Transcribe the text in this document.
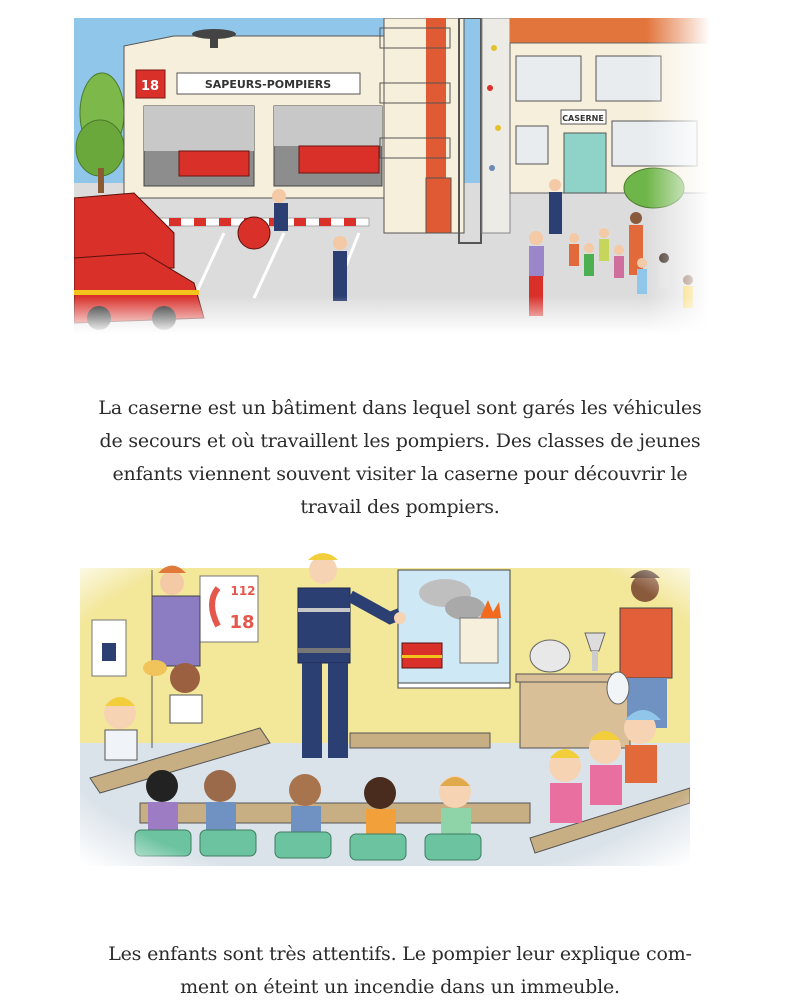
La caserne est un bâtiment dans lequel sont garés les véhicules
de secours et où travaillent les pompiers. Des classes de jeunes
enfants viennent souvent visiter la caserne pour découvrir le
travail des pompiers.
Les enfants sont très attentifs. Le pompier leur explique com-
ment on éteint un incendie dans un immeuble.
